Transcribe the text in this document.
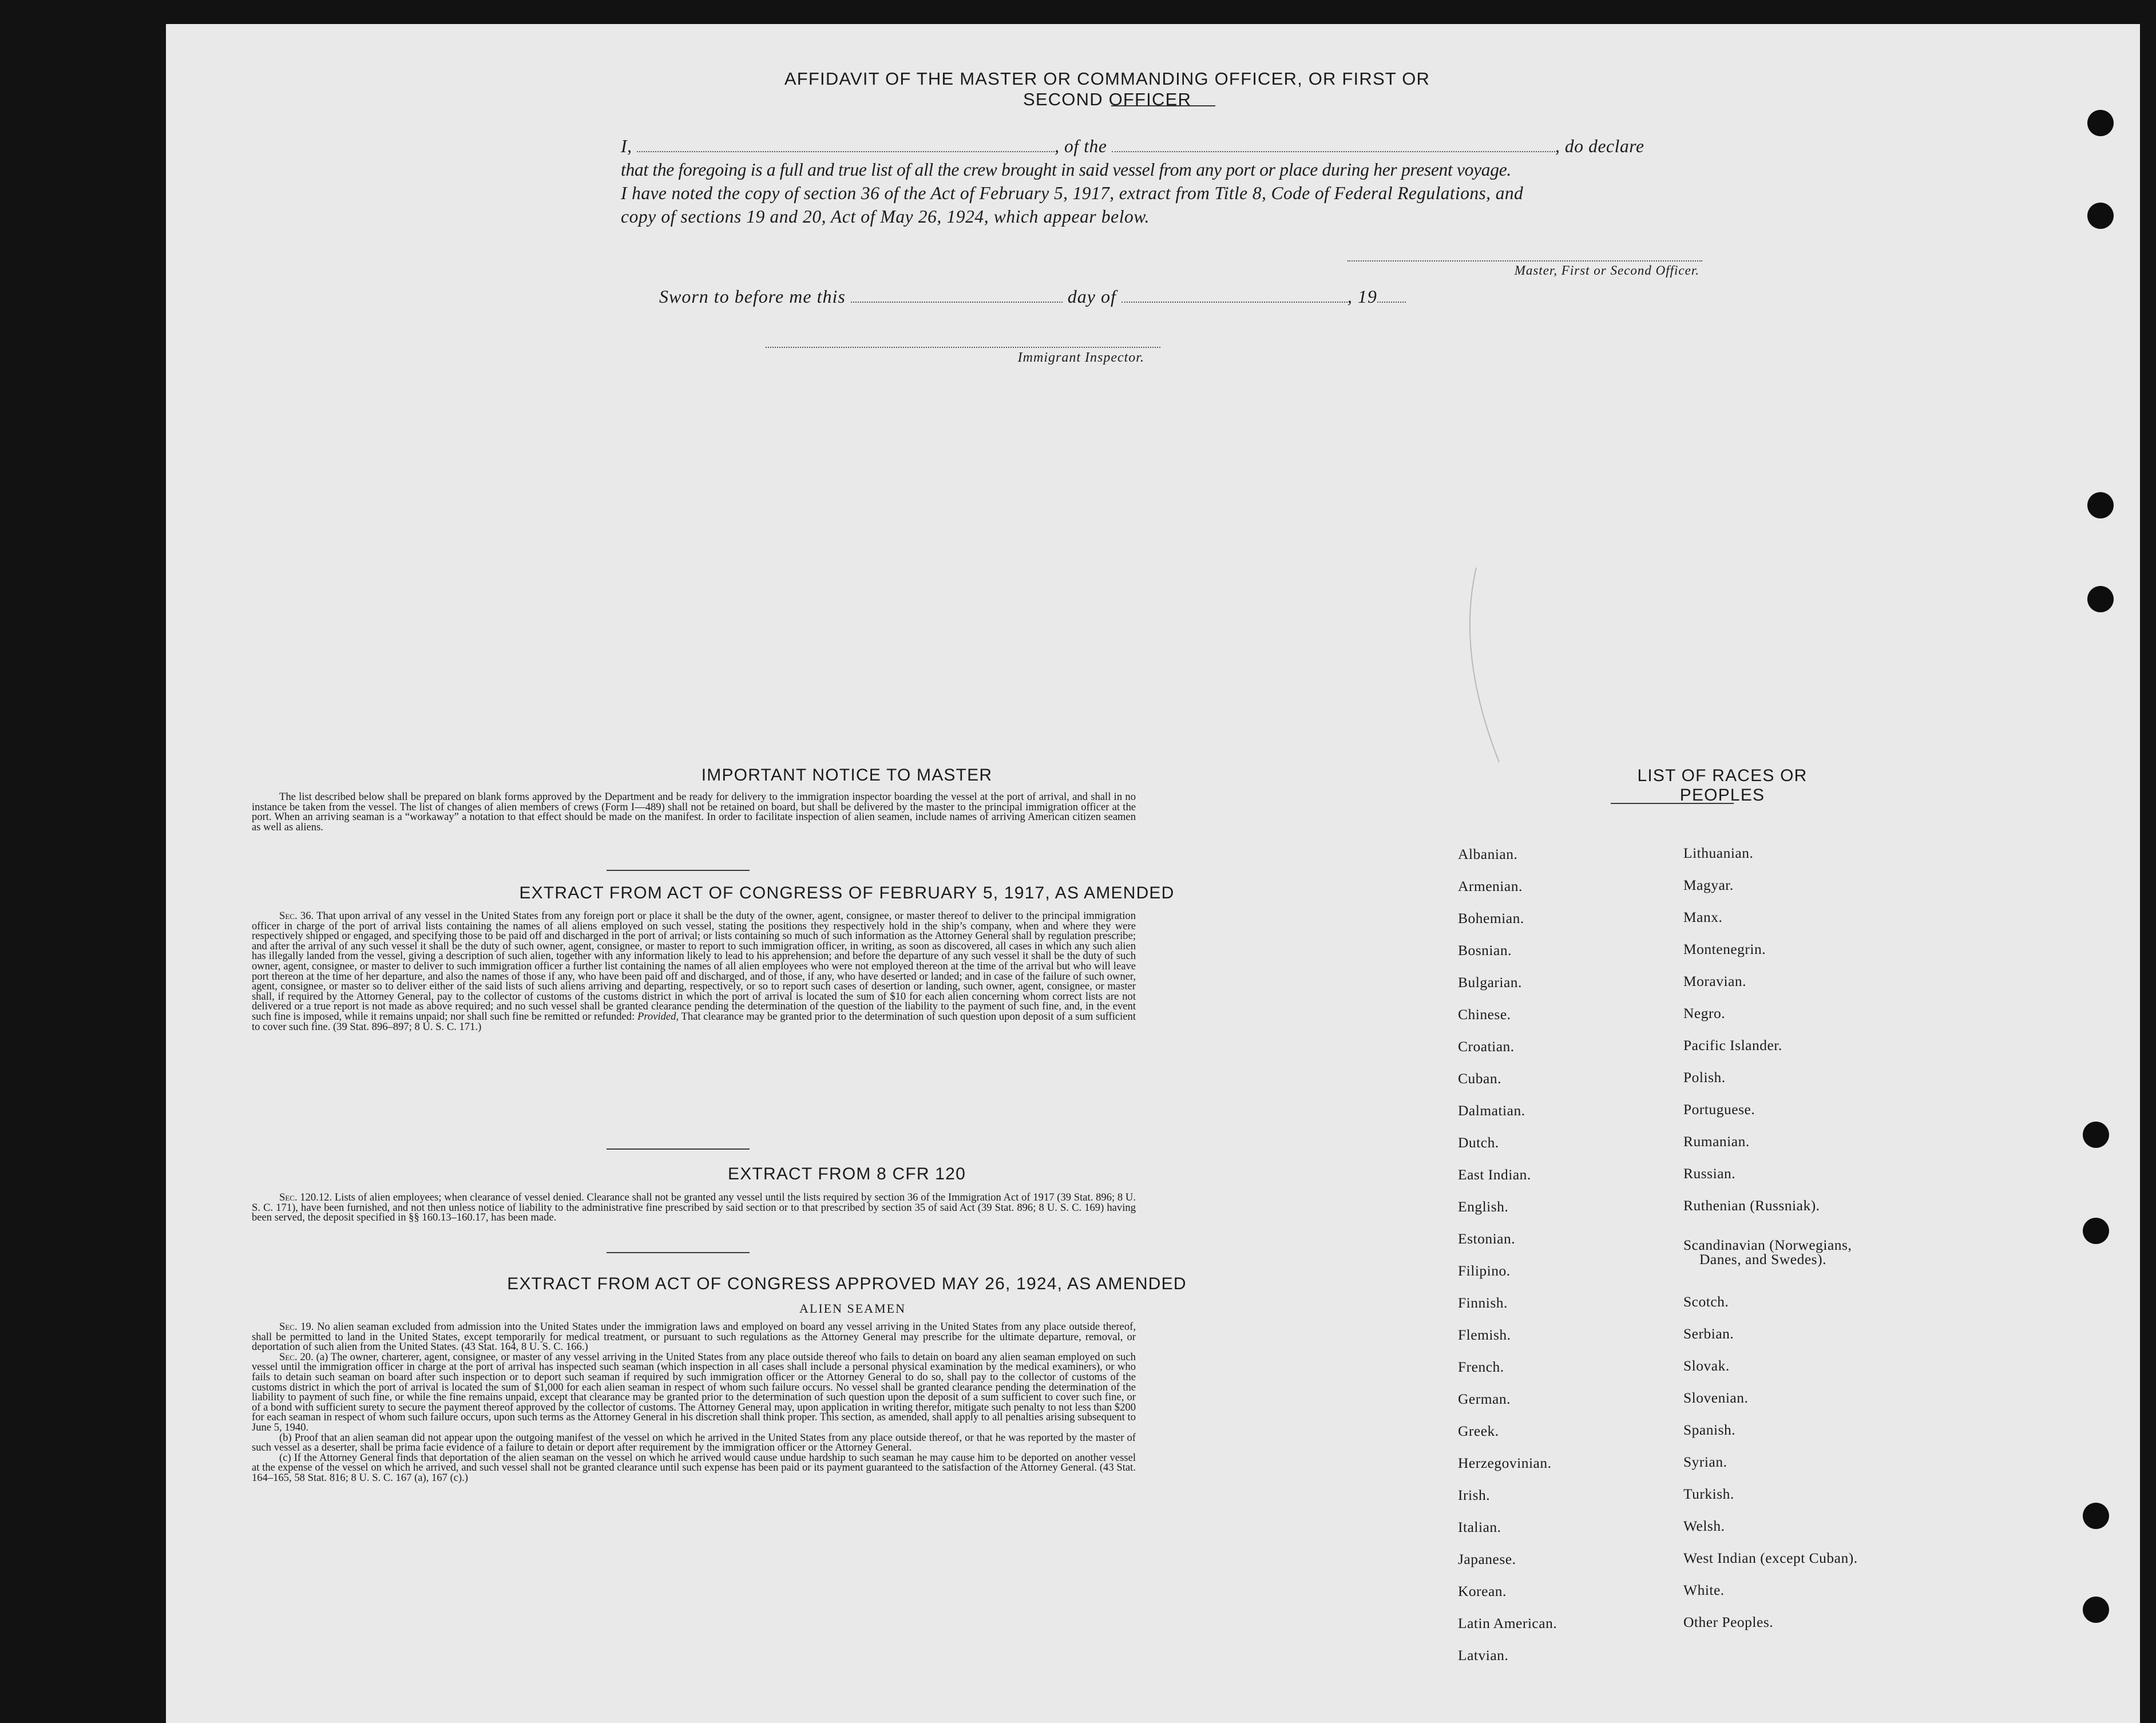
AFFIDAVIT OF THE MASTER OR COMMANDING OFFICER, OR FIRST OR SECOND OFFICER
I,	, of the	, do declare
that the foregoing is a full and true list of all the crew brought in said vessel from any port or place during her present voyage.
I have noted the copy of section 36 of the Act of February 5, 1917, extract from Title 8, Code of Federal Regulations, and
copy of sections 19 and 20, Act of May 26, 1924, which appear below.
Master, First or Second Officer.
Sworn to before me this	day of	, 19
Immigrant Inspector.
IMPORTANT NOTICE TO MASTER
The list described below shall be prepared on blank forms approved by the Department and be ready for delivery to the immigration inspector boarding the vessel at the port of arrival, and shall in no instance be taken from the vessel. The list of changes of alien members of crews (Form I—489) shall not be retained on board, but shall be delivered by the master to the principal immigration officer at the port. When an arriving seaman is a “workaway” a notation to that effect should be made on the manifest. In order to facilitate inspection of alien seamen, include names of arriving American citizen seamen as well as aliens.
EXTRACT FROM ACT OF CONGRESS OF FEBRUARY 5, 1917, AS AMENDED
Sec. 36. That upon arrival of any vessel in the United States from any foreign port or place it shall be the duty of the owner, agent, consignee, or master thereof to deliver to the principal immigration officer in charge of the port of arrival lists containing the names of all aliens employed on such vessel, stating the positions they respectively hold in the ship’s company, when and where they were respectively shipped or engaged, and specifying those to be paid off and discharged in the port of arrival; or lists containing so much of such information as the Attorney General shall by regulation prescribe; and after the arrival of any such vessel it shall be the duty of such owner, agent, consignee, or master to report to such immigration officer, in writing, as soon as discovered, all cases in which any such alien has illegally landed from the vessel, giving a description of such alien, together with any information likely to lead to his apprehension; and before the departure of any such vessel it shall be the duty of such owner, agent, consignee, or master to deliver to such immigration officer a further list containing the names of all alien employees who were not employed thereon at the time of the arrival but who will leave port thereon at the time of her departure, and also the names of those if any, who have been paid off and discharged, and of those, if any, who have deserted or landed; and in case of the failure of such owner, agent, consignee, or master so to deliver either of the said lists of such aliens arriving and departing, respectively, or so to report such cases of desertion or landing, such owner, agent, consignee, or master shall, if required by the Attorney General, pay to the collector of customs of the customs district in which the port of arrival is located the sum of $10 for each alien concerning whom correct lists are not delivered or a true report is not made as above required; and no such vessel shall be granted clearance pending the determination of the question of the liability to the payment of such fine, and, in the event such fine is imposed, while it remains unpaid; nor shall such fine be remitted or refunded: Provided, That clearance may be granted prior to the determination of such question upon deposit of a sum sufficient to cover such fine. (39 Stat. 896–897; 8 U. S. C. 171.)
EXTRACT FROM 8 CFR 120
Sec. 120.12. Lists of alien employees; when clearance of vessel denied. Clearance shall not be granted any vessel until the lists required by section 36 of the Immigration Act of 1917 (39 Stat. 896; 8 U. S. C. 171), have been furnished, and not then unless notice of liability to the administrative fine prescribed by said section or to that prescribed by section 35 of said Act (39 Stat. 896; 8 U. S. C. 169) having been served, the deposit specified in §§ 160.13–160.17, has been made.
EXTRACT FROM ACT OF CONGRESS APPROVED MAY 26, 1924, AS AMENDED
ALIEN SEAMEN
Sec. 19. No alien seaman excluded from admission into the United States under the immigration laws and employed on board any vessel arriving in the United States from any place outside thereof, shall be permitted to land in the United States, except temporarily for medical treatment, or pursuant to such regulations as the Attorney General may prescribe for the ultimate departure, removal, or deportation of such alien from the United States. (43 Stat. 164, 8 U. S. C. 166.)
Sec. 20. (a) The owner, charterer, agent, consignee, or master of any vessel arriving in the United States from any place outside thereof who fails to detain on board any alien seaman employed on such vessel until the immigration officer in charge at the port of arrival has inspected such seaman (which inspection in all cases shall include a personal physical examination by the medical examiners), or who fails to detain such seaman on board after such inspection or to deport such seaman if required by such immigration officer or the Attorney General to do so, shall pay to the collector of customs of the customs district in which the port of arrival is located the sum of $1,000 for each alien seaman in respect of whom such failure occurs. No vessel shall be granted clearance pending the determination of the liability to payment of such fine, or while the fine remains unpaid, except that clearance may be granted prior to the determination of such question upon the deposit of a sum sufficient to cover such fine, or of a bond with sufficient surety to secure the payment thereof approved by the collector of customs. The Attorney General may, upon application in writing therefor, mitigate such penalty to not less than $200 for each seaman in respect of whom such failure occurs, upon such terms as the Attorney General in his discretion shall think proper. This section, as amended, shall apply to all penalties arising subsequent to June 5, 1940.
(b) Proof that an alien seaman did not appear upon the outgoing manifest of the vessel on which he arrived in the United States from any place outside thereof, or that he was reported by the master of such vessel as a deserter, shall be prima facie evidence of a failure to detain or deport after requirement by the immigration officer or the Attorney General.
(c) If the Attorney General finds that deportation of the alien seaman on the vessel on which he arrived would cause undue hardship to such seaman he may cause him to be deported on another vessel at the expense of the vessel on which he arrived, and such vessel shall not be granted clearance until such expense has been paid or its payment guaranteed to the satisfaction of the Attorney General. (43 Stat. 164–165, 58 Stat. 816; 8 U. S. C. 167 (a), 167 (c).)
LIST OF RACES OR PEOPLES
Albanian.
Armenian.
Bohemian.
Bosnian.
Bulgarian.
Chinese.
Croatian.
Cuban.
Dalmatian.
Dutch.
East Indian.
English.
Estonian.
Filipino.
Finnish.
Flemish.
French.
German.
Greek.
Herzegovinian.
Irish.
Italian.
Japanese.
Korean.
Latin American.
Latvian.
Lithuanian.
Magyar.
Manx.
Montenegrin.
Moravian.
Negro.
Pacific Islander.
Polish.
Portuguese.
Rumanian.
Russian.
Ruthenian (Russniak).
Scandinavian (Norwegians,
Danes, and Swedes).
Scotch.
Serbian.
Slovak.
Slovenian.
Spanish.
Syrian.
Turkish.
Welsh.
West Indian (except Cuban).
White.
Other Peoples.
